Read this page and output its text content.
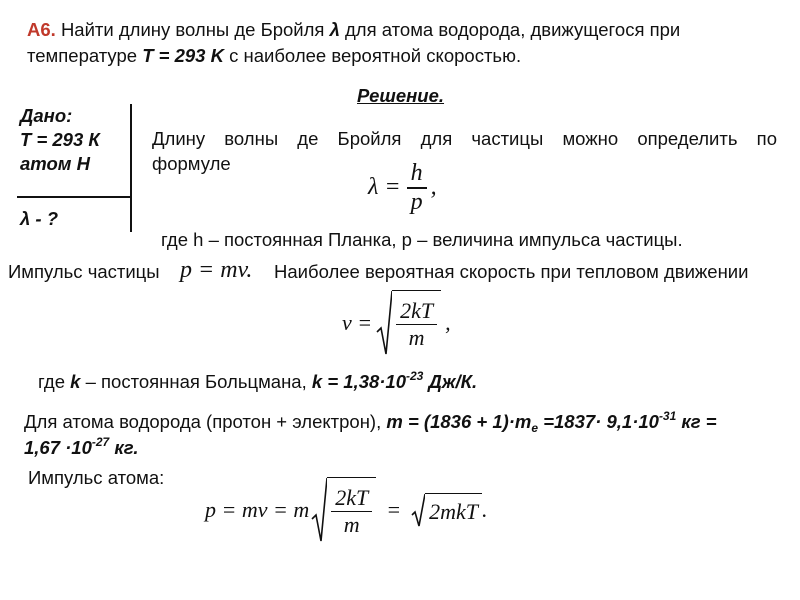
А6. Найти длину волны де Бройля λ для атома водорода, движущегося при
температуре T = 293 K с наиболее вероятной скоростью.
Решение.
Дано:
Т = 293 К
атом Н
λ - ?
Длину волны де Бройля для частицы можно определить по
формуле
$\lambda = \frac{h}{p}$ ,
где h – постоянная Планка, p – величина импульса частицы.
Импульс частицы p = mv. Наиболее вероятная скорость при тепловом движении
$v = \frac{2kT}{m}$ ,
где k – постоянная Больцмана, $k = 1,38\cdot 10^{-23}$ Дж/К.
Для атома водорода (протон + электрон), $m = (1836 + 1)\cdot m_e =1837\cdot 9,1\cdot 10^{-31}$ кг =
$1,67 \cdot 10^{-27}$ кг.
Импульс атома:
p = mv = m $\frac{2kT}{m} = 2mkT$ .
